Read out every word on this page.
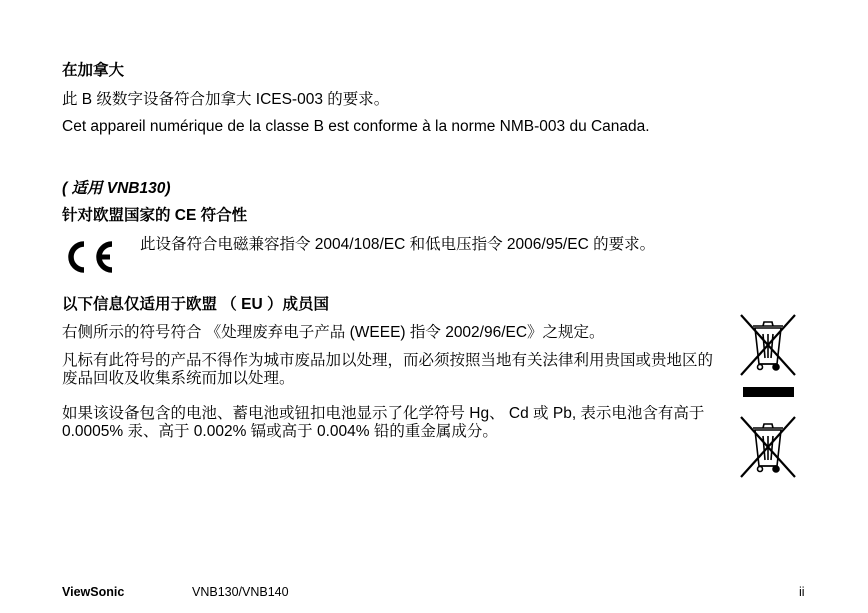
在加拿大
此 B 级数字设备符合加拿大 ICES-003 的要求。
Cet appareil numérique de la classe B est conforme à la norme NMB-003 du Canada.
( 适用 VNB130)
针对欧盟国家的 CE 符合性
此设备符合电磁兼容指令 2004/108/EC 和低电压指令 2006/95/EC 的要求。
以下信息仅适用于欧盟 （ EU ）成员国
右侧所示的符号符合 《处理废弃电子产品 (WEEE) 指令 2002/96/EC》之规定。
凡标有此符号的产品不得作为城市废品加以处理，而必须按照当地有关法律利用贵国或贵地区的废品回收及收集系统而加以处理。
如果该设备包含的电池、蓄电池或钮扣电池显示了化学符号 Hg、 Cd 或 Pb, 表示电池含有高于 0.0005% 汞、高于 0.002% 镉或高于 0.004% 铅的重金属成分。
ViewSonic	VNB130/VNB140	ii
